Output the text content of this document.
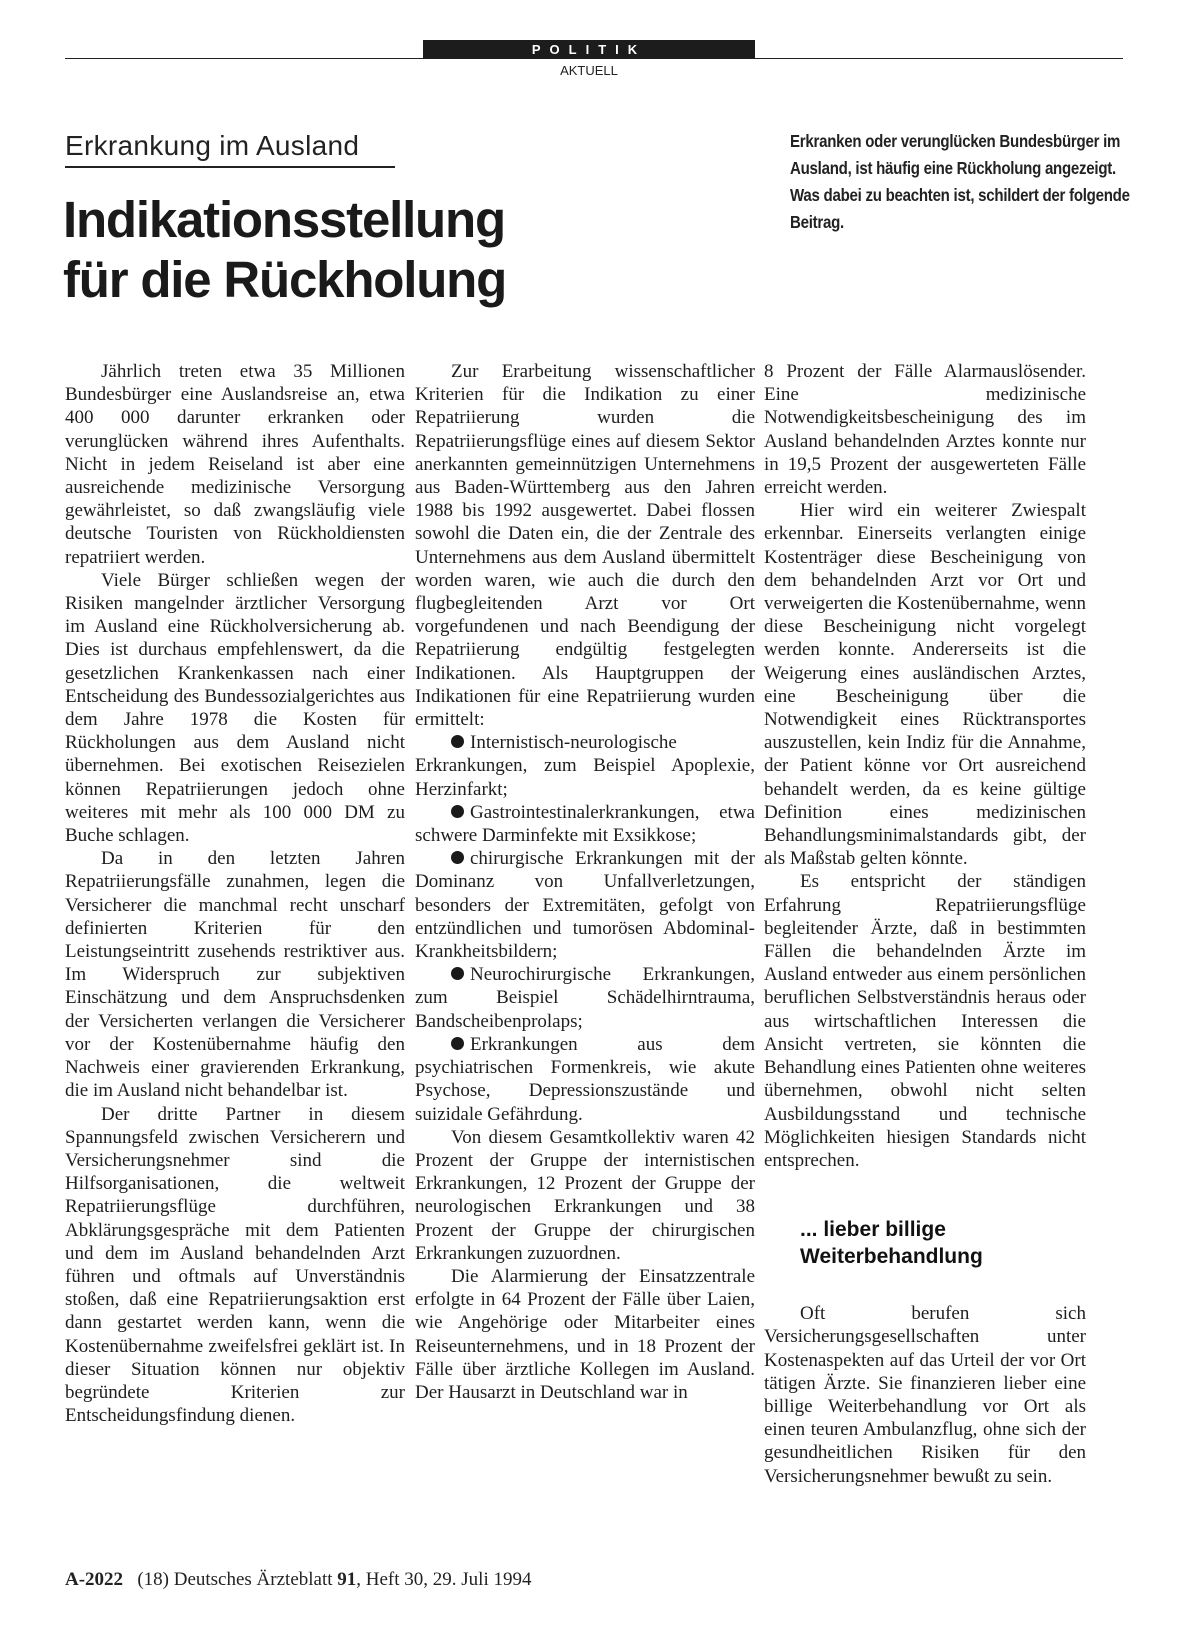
POLITIK
AKTUELL
Erkrankung im Ausland
Indikationsstellung
für die Rückholung
Erkranken oder verunglücken Bundesbürger im Ausland, ist häufig eine Rückholung angezeigt. Was dabei zu beachten ist, schildert der folgende Beitrag.

Jährlich treten etwa 35 Millionen Bundesbürger eine Auslandsreise an, etwa 400 000 darunter erkranken oder verunglücken während ihres Aufenthalts. Nicht in jedem Reiseland ist aber eine ausreichende medizinische Versorgung gewährleistet, so daß zwangsläufig viele deutsche Touristen von Rückholdiensten repatriiert werden.

Viele Bürger schließen wegen der Risiken mangelnder ärztlicher Versorgung im Ausland eine Rückholversicherung ab. Dies ist durchaus empfehlenswert, da die gesetzlichen Krankenkassen nach einer Entscheidung des Bundessozialgerichtes aus dem Jahre 1978 die Kosten für Rückholungen aus dem Ausland nicht übernehmen. Bei exotischen Reisezielen können Repatriierungen jedoch ohne weiteres mit mehr als 100 000 DM zu Buche schlagen.

Da in den letzten Jahren Repatriierungsfälle zunahmen, legen die Versicherer die manchmal recht unscharf definierten Kriterien für den Leistungseintritt zusehends restriktiver aus. Im Widerspruch zur subjektiven Einschätzung und dem Anspruchsdenken der Versicherten verlangen die Versicherer vor der Kostenübernahme häufig den Nachweis einer gravierenden Erkrankung, die im Ausland nicht behandelbar ist.

Der dritte Partner in diesem Spannungsfeld zwischen Versicherern und Versicherungsnehmer sind die Hilfsorganisationen, die weltweit Repatriierungsflüge durchführen, Abklärungsgespräche mit dem Patienten und dem im Ausland behandelnden Arzt führen und oftmals auf Unverständnis stoßen, daß eine Repatriierungsaktion erst dann gestartet werden kann, wenn die Kostenübernahme zweifelsfrei geklärt ist. In dieser Situation können nur objektiv begründete Kriterien zur Entscheidungsfindung dienen.

Zur Erarbeitung wissenschaftlicher Kriterien für die Indikation zu einer Repatriierung wurden die Repatriierungsflüge eines auf diesem Sektor anerkannten gemeinnützigen Unternehmens aus Baden-Württemberg aus den Jahren 1988 bis 1992 ausgewertet. Dabei flossen sowohl die Daten ein, die der Zentrale des Unternehmens aus dem Ausland übermittelt worden waren, wie auch die durch den flugbegleitenden Arzt vor Ort vorgefundenen und nach Beendigung der Repatriierung endgültig festgelegten Indikationen. Als Hauptgruppen der Indikationen für eine Repatriierung wurden ermittelt:

Internistisch-neurologische Erkrankungen, zum Beispiel Apoplexie, Herzinfarkt;

Gastrointestinalerkrankungen, etwa schwere Darminfekte mit Exsikkose;

chirurgische Erkrankungen mit der Dominanz von Unfallverletzungen, besonders der Extremitäten, gefolgt von entzündlichen und tumorösen Abdominal-Krankheitsbildern;

Neurochirurgische Erkrankungen, zum Beispiel Schädelhirntrauma, Bandscheibenprolaps;

Erkrankungen aus dem psychiatrischen Formenkreis, wie akute Psychose, Depressionszustände und suizidale Gefährdung.

Von diesem Gesamtkollektiv waren 42 Prozent der Gruppe der internistischen Erkrankungen, 12 Prozent der Gruppe der neurologischen Erkrankungen und 38 Prozent der Gruppe der chirurgischen Erkrankungen zuzuordnen.

Die Alarmierung der Einsatzzentrale erfolgte in 64 Prozent der Fälle über Laien, wie Angehörige oder Mitarbeiter eines Reiseunternehmens, und in 18 Prozent der Fälle über ärztliche Kollegen im Ausland. Der Hausarzt in Deutschland war in

8 Prozent der Fälle Alarmauslösender. Eine medizinische Notwendigkeitsbescheinigung des im Ausland behandelnden Arztes konnte nur in 19,5 Prozent der ausgewerteten Fälle erreicht werden.

Hier wird ein weiterer Zwiespalt erkennbar. Einerseits verlangten einige Kostenträger diese Bescheinigung von dem behandelnden Arzt vor Ort und verweigerten die Kostenübernahme, wenn diese Bescheinigung nicht vorgelegt werden konnte. Andererseits ist die Weigerung eines ausländischen Arztes, eine Bescheinigung über die Notwendigkeit eines Rücktransportes auszustellen, kein Indiz für die Annahme, der Patient könne vor Ort ausreichend behandelt werden, da es keine gültige Definition eines medizinischen Behandlungsminimalstandards gibt, der als Maßstab gelten könnte.

Es entspricht der ständigen Erfahrung Repatriierungsflüge begleitender Ärzte, daß in bestimmten Fällen die behandelnden Ärzte im Ausland entweder aus einem persönlichen beruflichen Selbstverständnis heraus oder aus wirtschaftlichen Interessen die Ansicht vertreten, sie könnten die Behandlung eines Patienten ohne weiteres übernehmen, obwohl nicht selten Ausbildungsstand und technische Möglichkeiten hiesigen Standards nicht entsprechen.

... lieber billige
Weiterbehandlung

Oft berufen sich Versicherungsgesellschaften unter Kostenaspekten auf das Urteil der vor Ort tätigen Ärzte. Sie finanzieren lieber eine billige Weiterbehandlung vor Ort als einen teuren Ambulanzflug, ohne sich der gesundheitlichen Risiken für den Versicherungsnehmer bewußt zu sein.

A-2022 (18) Deutsches Ärzteblatt 91, Heft 30, 29. Juli 1994
